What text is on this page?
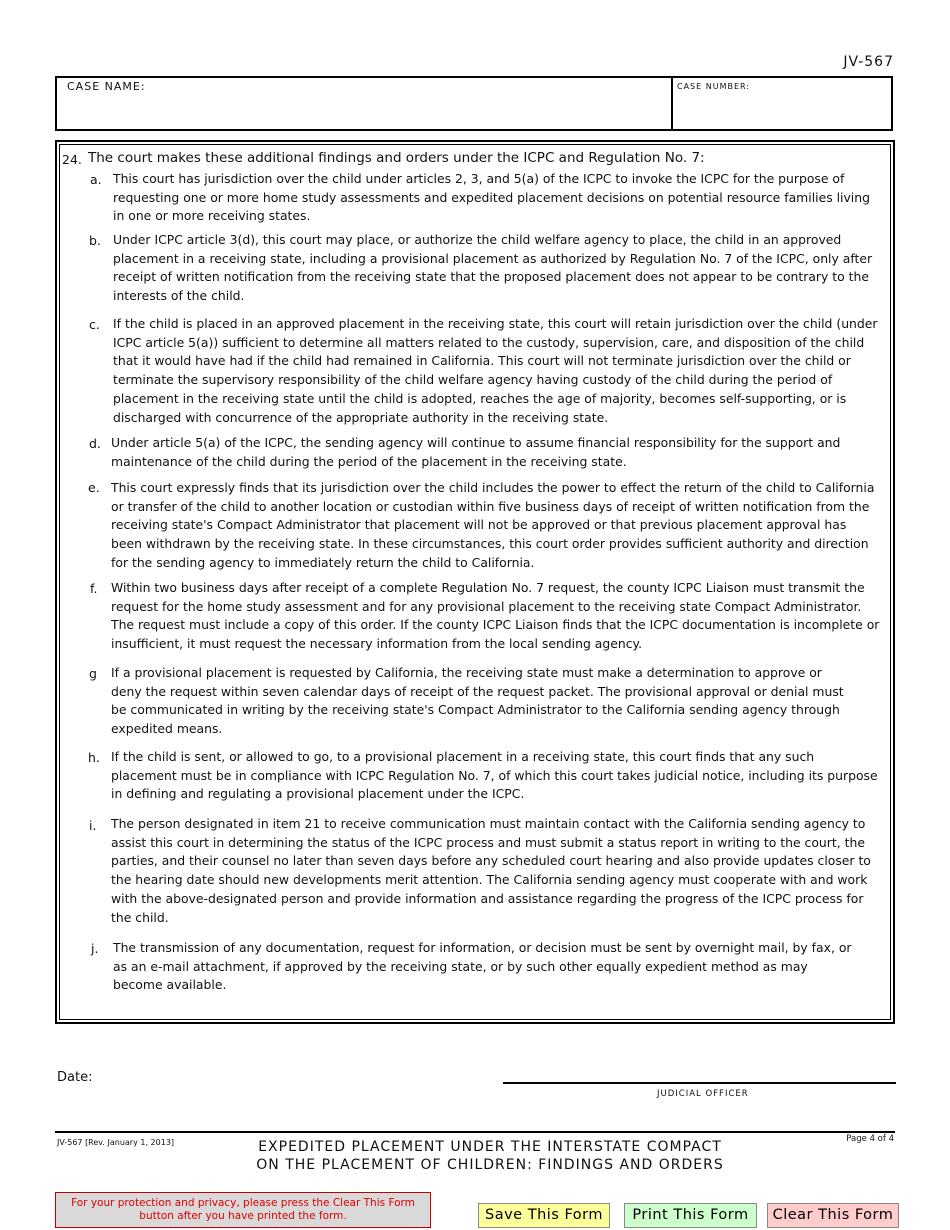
JV-567
CASE NAME:	CASE NUMBER:
24. The court makes these additional findings and orders under the ICPC and Regulation No. 7:
a. This court has jurisdiction over the child under articles 2, 3, and 5(a) of the ICPC to invoke the ICPC for the purpose of requesting one or more home study assessments and expedited placement decisions on potential resource families living in one or more receiving states.
b. Under ICPC article 3(d), this court may place, or authorize the child welfare agency to place, the child in an approved placement in a receiving state, including a provisional placement as authorized by Regulation No. 7 of the ICPC, only after receipt of written notification from the receiving state that the proposed placement does not appear to be contrary to the interests of the child.
c. If the child is placed in an approved placement in the receiving state, this court will retain jurisdiction over the child (under ICPC article 5(a)) sufficient to determine all matters related to the custody, supervision, care, and disposition of the child that it would have had if the child had remained in California. This court will not terminate jurisdiction over the child or terminate the supervisory responsibility of the child welfare agency having custody of the child during the period of placement in the receiving state until the child is adopted, reaches the age of majority, becomes self-supporting, or is discharged with concurrence of the appropriate authority in the receiving state.
d. Under article 5(a) of the ICPC, the sending agency will continue to assume financial responsibility for the support and maintenance of the child during the period of the placement in the receiving state.
e. This court expressly finds that its jurisdiction over the child includes the power to effect the return of the child to California or transfer of the child to another location or custodian within five business days of receipt of written notification from the receiving state's Compact Administrator that placement will not be approved or that previous placement approval has been withdrawn by the receiving state. In these circumstances, this court order provides sufficient authority and direction for the sending agency to immediately return the child to California.
f. Within two business days after receipt of a complete Regulation No. 7 request, the county ICPC Liaison must transmit the request for the home study assessment and for any provisional placement to the receiving state Compact Administrator. The request must include a copy of this order. If the county ICPC Liaison finds that the ICPC documentation is incomplete or insufficient, it must request the necessary information from the local sending agency.
g If a provisional placement is requested by California, the receiving state must make a determination to approve or deny the request within seven calendar days of receipt of the request packet. The provisional approval or denial must be communicated in writing by the receiving state's Compact Administrator to the California sending agency through expedited means.
h. If the child is sent, or allowed to go, to a provisional placement in a receiving state, this court finds that any such placement must be in compliance with ICPC Regulation No. 7, of which this court takes judicial notice, including its purpose in defining and regulating a provisional placement under the ICPC.
i. The person designated in item 21 to receive communication must maintain contact with the California sending agency to assist this court in determining the status of the ICPC process and must submit a status report in writing to the court, the parties, and their counsel no later than seven days before any scheduled court hearing and also provide updates closer to the hearing date should new developments merit attention. The California sending agency must cooperate with and work with the above-designated person and provide information and assistance regarding the progress of the ICPC process for the child.
j. The transmission of any documentation, request for information, or decision must be sent by overnight mail, by fax, or as an e-mail attachment, if approved by the receiving state, or by such other equally expedient method as may become available.
Date:
JUDICIAL OFFICER
JV-567 [Rev. January 1, 2013]	EXPEDITED PLACEMENT UNDER THE INTERSTATE COMPACT
ON THE PLACEMENT OF CHILDREN: FINDINGS AND ORDERS
Page 4 of 4
For your protection and privacy, please press the Clear This Form button after you have printed the form.	Save This Form	Print This Form	Clear This Form
